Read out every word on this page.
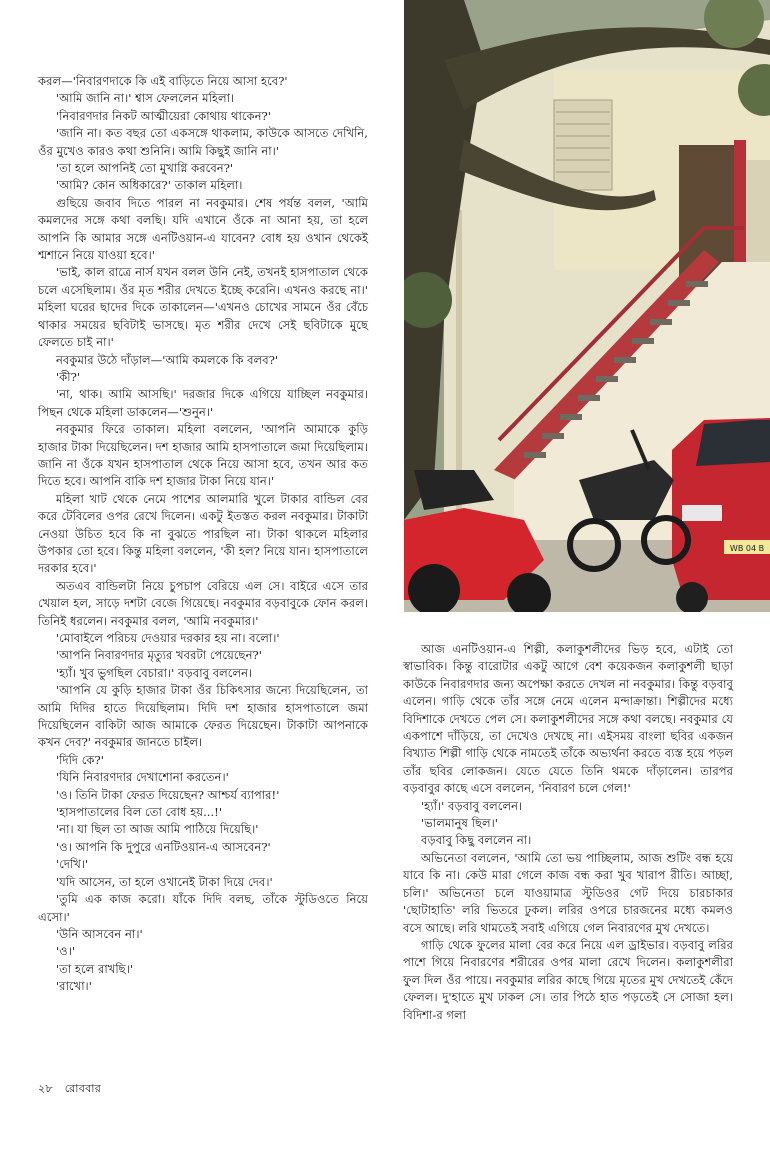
করল—'নিবারণদাকে কি এই বাড়িতে নিয়ে আসা হবে?'

'আমি জানি না।' শ্বাস ফেললেন মহিলা।

'নিবারণদার নিকট আত্মীয়েরা কোথায় থাকেন?'

'জানি না। কত বছর তো একসঙ্গে থাকলাম, কাউকে আসতে দেখিনি, ওঁর মুখেও কারও কথা শুনিনি। আমি কিছুই জানি না।'

'তা হলে আপনিই তো মুখাগ্নি করবেন?'

'আমি? কোন অধিকারে?' তাকাল মহিলা।

গুছিয়ে জবাব দিতে পারল না নবকুমার। শেষ পর্যন্ত বলল, 'আমি কমলদের সঙ্গে কথা বলছি। যদি এখানে ওঁকে না আনা হয়, তা হলে আপনি কি আমার সঙ্গে এনটিওয়ান-এ যাবেন? বোধ হয় ওখান থেকেই শ্মশানে নিয়ে যাওয়া হবে।'

'ভাই, কাল রাত্রে নার্স যখন বলল উনি নেই, তখনই হাসপাতাল থেকে চলে এসেছিলাম। ওঁর মৃত শরীর দেখতে ইচ্ছে করেনি। এখনও করছে না।' মহিলা ঘরের ছাদের দিকে তাকালেন—'এখনও চোখের সামনে ওঁর বেঁচে থাকার সময়ের ছবিটাই ভাসছে। মৃত শরীর দেখে সেই ছবিটাকে মুছে ফেলতে চাই না।'

নবকুমার উঠে দাঁড়াল—'আমি কমলকে কি বলব?'

'কী?'

'না, থাক। আমি আসছি।' দরজার দিকে এগিয়ে যাচ্ছিল নবকুমার। পিছন থেকে মহিলা ডাকলেন—'শুনুন।'

নবকুমার ফিরে তাকাল। মহিলা বললেন, 'আপনি আমাকে কুড়ি হাজার টাকা দিয়েছিলেন। দশ হাজার আমি হাসপাতালে জমা দিয়েছিলাম। জানি না ওঁকে যখন হাসপাতাল থেকে নিয়ে আসা হবে, তখন আর কত দিতে হবে। আপনি বাকি দশ হাজার টাকা নিয়ে যান।'

মহিলা খাট থেকে নেমে পাশের আলমারি খুলে টাকার বান্ডিল বের করে টেবিলের ওপর রেখে দিলেন। একটু ইতস্তত করল নবকুমার। টাকাটা নেওয়া উচিত হবে কি না বুঝতে পারছিল না। টাকা থাকলে মহিলার উপকার তো হবে। কিন্তু মহিলা বললেন, 'কী হল? নিয়ে যান। হাসপাতালে দরকার হবে।'

অতএব বান্ডিলটা নিয়ে চুপচাপ বেরিয়ে এল সে। বাইরে এসে তার খেয়াল হল, সাড়ে দশটা বেজে গিয়েছে। নবকুমার বড়বাবুকে ফোন করল। তিনিই ধরলেন। নবকুমার বলল, 'আমি নবকুমার।'

'মোবাইলে পরিচয় দেওয়ার দরকার হয় না। বলো।'

'আপনি নিবারণদার মৃত্যুর খবরটা পেয়েছেন?'

'হ্যাঁ। খুব ভুগছিল বেচারা।' বড়বাবু বললেন।

'আপনি যে কুড়ি হাজার টাকা ওঁর চিকিৎসার জন্যে দিয়েছিলেন, তা আমি দিদির হাতে দিয়েছিলাম। দিদি দশ হাজার হাসপাতালে জমা দিয়েছিলেন বাকিটা আজ আমাকে ফেরত দিয়েছেন। টাকাটা আপনাকে কখন দেব?' নবকুমার জানতে চাইল।

'দিদি কে?'

'যিনি নিবারণদার দেখাশোনা করতেন।'

'ও। তিনি টাকা ফেরত দিয়েছেন? আশ্চর্য ব্যাপার!'

'হাসপাতালের বিল তো বোধ হয়...!'

'না। যা ছিল তা আজ আমি পাঠিয়ে দিয়েছি।'

'ও। আপনি কি দুপুরে এনটিওয়ান-এ আসবেন?'

'দেখি।'

'যদি আসেন, তা হলে ওখানেই টাকা দিয়ে দেব।'

'তুমি এক কাজ করো। যাঁকে দিদি বলছ, তাঁকে স্টুডিওতে নিয়ে এসো।'

'উনি আসবেন না।'

'ও।'

'তা হলে রাখছি।'

'রাখো।'

WB 04 B

আজ এনটিওয়ান-এ শিল্পী, কলাকুশলীদের ভিড় হবে, এটাই তো স্বাভাবিক। কিন্তু বারোটার একটু আগে বেশ কয়েকজন কলাকুশলী ছাড়া কাউকে নিবারণদার জন্য অপেক্ষা করতে দেখল না নবকুমার। কিন্তু বড়বাবু এলেন। গাড়ি থেকে তাঁর সঙ্গে নেমে এলেন মন্দাক্রান্তা। শিল্পীদের মধ্যে বিদিশাকে দেখতে পেল সে। কলাকুশলীদের সঙ্গে কথা বলছে। নবকুমার যে একপাশে দাঁড়িয়ে, তা দেখেও দেখছে না। এইসময় বাংলা ছবির একজন বিখ্যাত শিল্পী গাড়ি থেকে নামতেই তাঁকে অভ্যর্থনা করতে ব্যস্ত হয়ে পড়ল তাঁর ছবির লোকজন। যেতে যেতে তিনি থমকে দাঁড়ালেন। তারপর বড়বাবুর কাছে এসে বললেন, 'নিবারণ চলে গেল!'

'হ্যাঁ।' বড়বাবু বললেন।

'ভালমানুষ ছিল।'

বড়বাবু কিছু বললেন না।

অভিনেতা বললেন, 'আমি তো ভয় পাচ্ছিলাম, আজ শুটিং বন্ধ হয়ে যাবে কি না। কেউ মারা গেলে কাজ বন্ধ করা খুব খারাপ রীতি। আচ্ছা, চলি।' অভিনেতা চলে যাওয়ামাত্র স্টুডিওর গেট দিয়ে চারচাকার 'ছোটাহাতি' লরি ভিতরে ঢুকল। লরির ওপরে চারজনের মধ্যে কমলও বসে আছে। লরি থামতেই সবাই এগিয়ে গেল নিবারণের মুখ দেখতে।

গাড়ি থেকে ফুলের মালা বের করে নিয়ে এল ড্রাইভার। বড়বাবু লরির পাশে গিয়ে নিবারণের শরীরের ওপর মালা রেখে দিলেন। কলাকুশলীরা ফুল দিল ওঁর পায়ে। নবকুমার লরির কাছে গিয়ে মৃতের মুখ দেখতেই কেঁদে ফেলল। দু'হাতে মুখ ঢাকল সে। তার পিঠে হাত পড়তেই সে সোজা হল। বিদিশা-র গলা

২৮ রোববার
